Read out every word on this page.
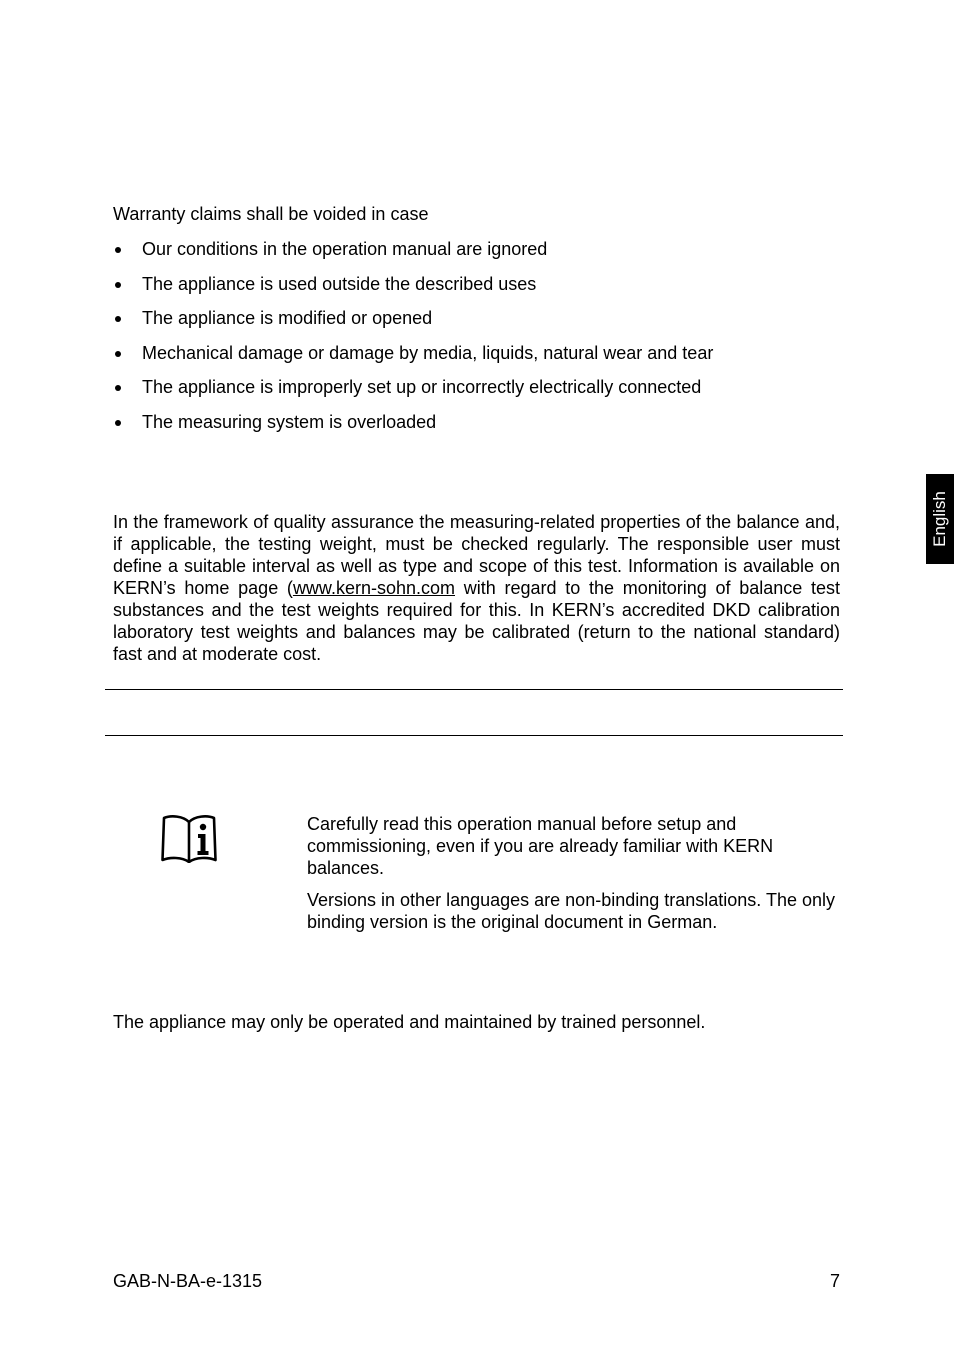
Warranty claims shall be voided in case
Our conditions in the operation manual are ignored
The appliance is used outside the described uses
The appliance is modified or opened
Mechanical damage or damage by media, liquids, natural wear and tear
The appliance is improperly set up or incorrectly electrically connected
The measuring system is overloaded
In the framework of quality assurance the measuring-related properties of the balance and, if applicable, the testing weight, must be checked regularly. The responsible user must define a suitable interval as well as type and scope of this test. Information is available on KERN’s home page (www.kern-sohn.com with regard to the monitoring of balance test substances and the test weights required for this. In KERN’s accredited DKD calibration laboratory test weights and balances may be calibrated (return to the national standard) fast and at moderate cost.
Carefully read this operation manual before setup and commissioning, even if you are already familiar with KERN balances.
Versions in other languages are non-binding translations. The only binding version is the original document in German.
The appliance may only be operated and maintained by trained personnel.
English
GAB-N-BA-e-1315	7
